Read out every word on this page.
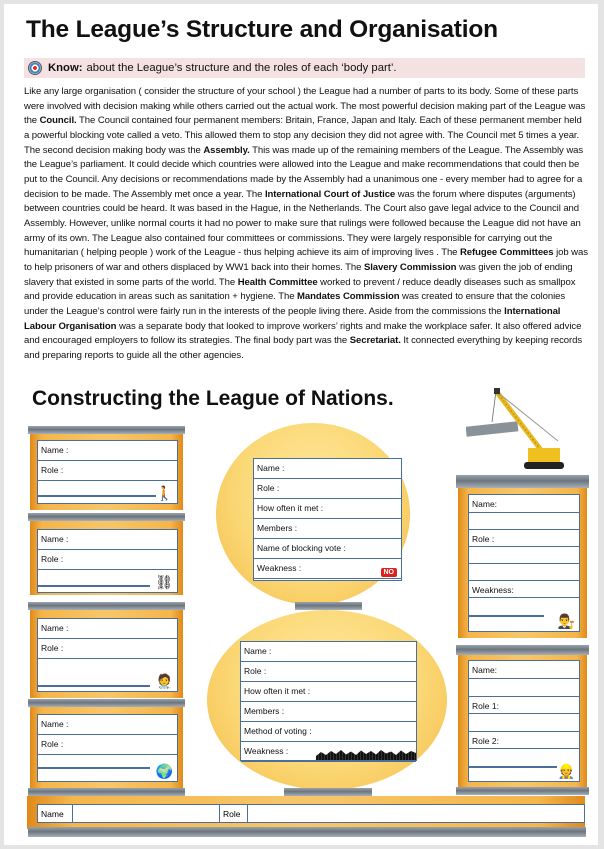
The League’s Structure and Organisation
Know: about the League’s structure and the roles of each ‘body part’.

Like any large organisation ( consider the structure of your school ) the League had a number of parts to its body. Some of these parts were involved with decision making while others carried out the actual work. The most powerful decision making part of the League was the Council. The Council contained four permanent members: Britain, France, Japan and Italy. Each of these permanent member held a powerful blocking vote called a veto. This allowed them to stop any decision they did not agree with. The Council met 5 times a year. The second decision making body was the Assembly. This was made up of the remaining members of the League. The Assembly was the League’s parliament. It could decide which countries were allowed into the League and make recommendations that could then be put to the Council. Any decisions or recommendations made by the Assembly had a unanimous one - every member had to agree for a decision to be made. The Assembly met once a year. The International Court of Justice was the forum where disputes (arguments) between countries could be heard. It was based in the Hague, in the Netherlands. The Court also gave legal advice to the Council and Assembly. However, unlike normal courts it had no power to make sure that rulings were followed because the League did not have an army of its own. The League also contained four committees or commissions. They were largely responsible for carrying out the humanitarian ( helping people ) work of the League - thus helping achieve its aim of improving lives . The Refugee Committees job was to help prisoners of war and others displaced by WW1 back into their homes. The Slavery Commission was given the job of ending slavery that existed in some parts of the world. The Health Committee worked to prevent / reduce deadly diseases such as smallpox and provide education in areas such as sanitation + hygiene. The Mandates Commission was created to ensure that the colonies under the League’s control were fairly run in the interests of the people living there. Aside from the commissions the International Labour Organisation was a separate body that looked to improve workers’ rights and make the workplace safer. It also offered advice and encouraged employers to follow its strategies. The final body part was the Secretariat. It connected everything by keeping records and preparing reports to guide all the other agencies.

Constructing the League of Nations.
Name :
Role :
🚶
Name :
Role :
⛓
Name :
Role :
🧑‍⚕️
Name :
Role :
🌍
Name :
Role :
How often it met :
Members :
Name of blocking vote :
Weakness :	NO
Name :
Role :
How often it met :
Members :
Method of voting :
Weakness :
Name:
Role :
Weakness:
👨‍⚖️
Name:
Role 1:
Role 2:
👷
Name	Role
